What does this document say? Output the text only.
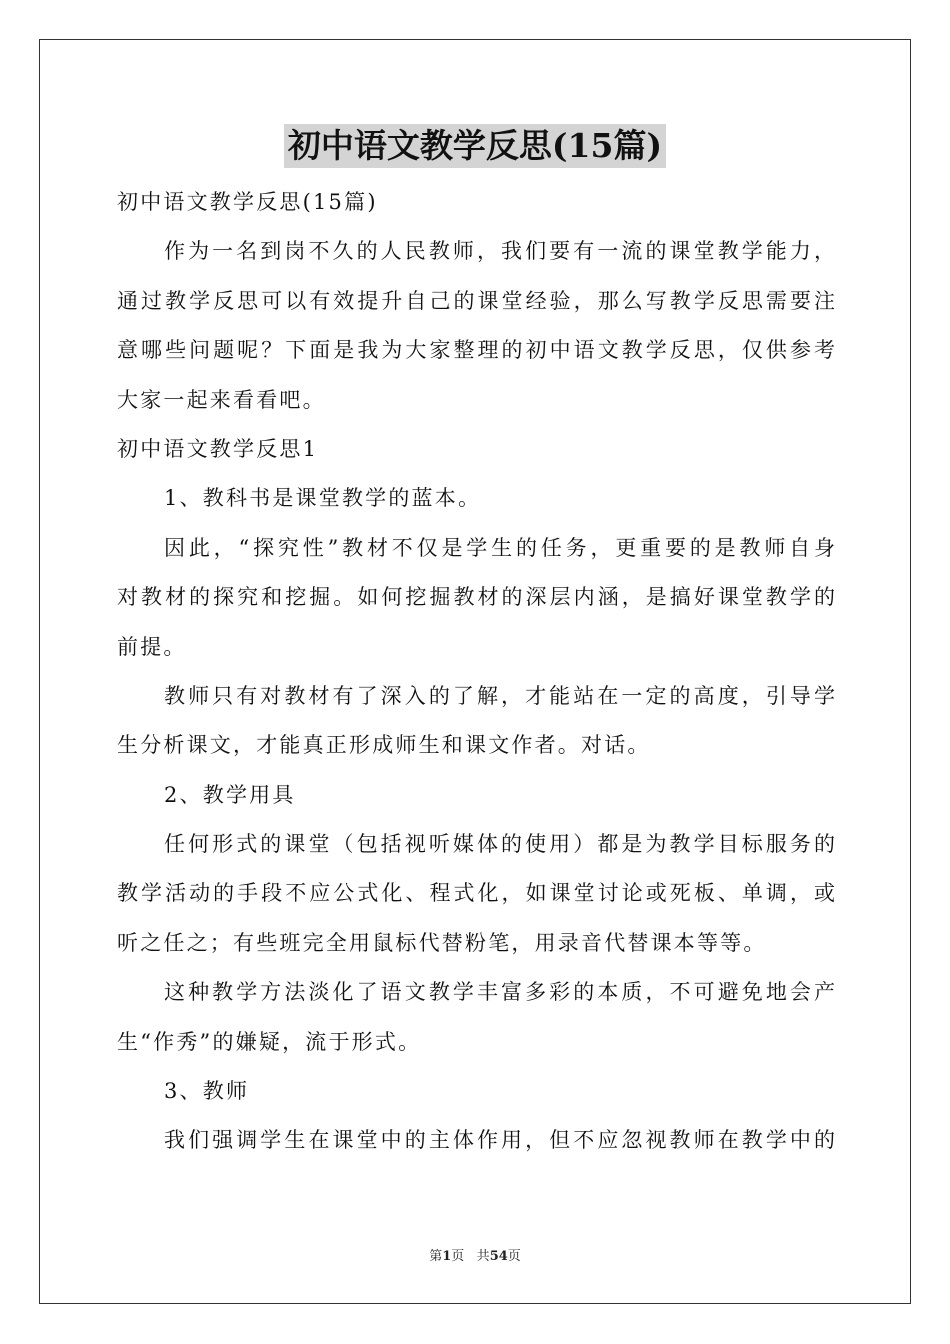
初中语文教学反思(15篇)

初中语文教学反思(15篇)

作为一名到岗不久的人民教师，我们要有一流的课堂教学能力，

通过教学反思可以有效提升自己的课堂经验，那么写教学反思需要注

意哪些问题呢？下面是我为大家整理的初中语文教学反思，仅供参考

大家一起来看看吧。

初中语文教学反思1

1、教科书是课堂教学的蓝本。

因此，“探究性”教材不仅是学生的任务，更重要的是教师自身

对教材的探究和挖掘。如何挖掘教材的深层内涵，是搞好课堂教学的

前提。

教师只有对教材有了深入的了解，才能站在一定的高度，引导学

生分析课文，才能真正形成师生和课文作者。对话。

2、教学用具

任何形式的课堂（包括视听媒体的使用）都是为教学目标服务的

教学活动的手段不应公式化、程式化，如课堂讨论或死板、单调，或

听之任之；有些班完全用鼠标代替粉笔，用录音代替课本等等。

这种教学方法淡化了语文教学丰富多彩的本质，不可避免地会产

生“作秀”的嫌疑，流于形式。

3、教师

我们强调学生在课堂中的主体作用，但不应忽视教师在教学中的

第1页 共54页
